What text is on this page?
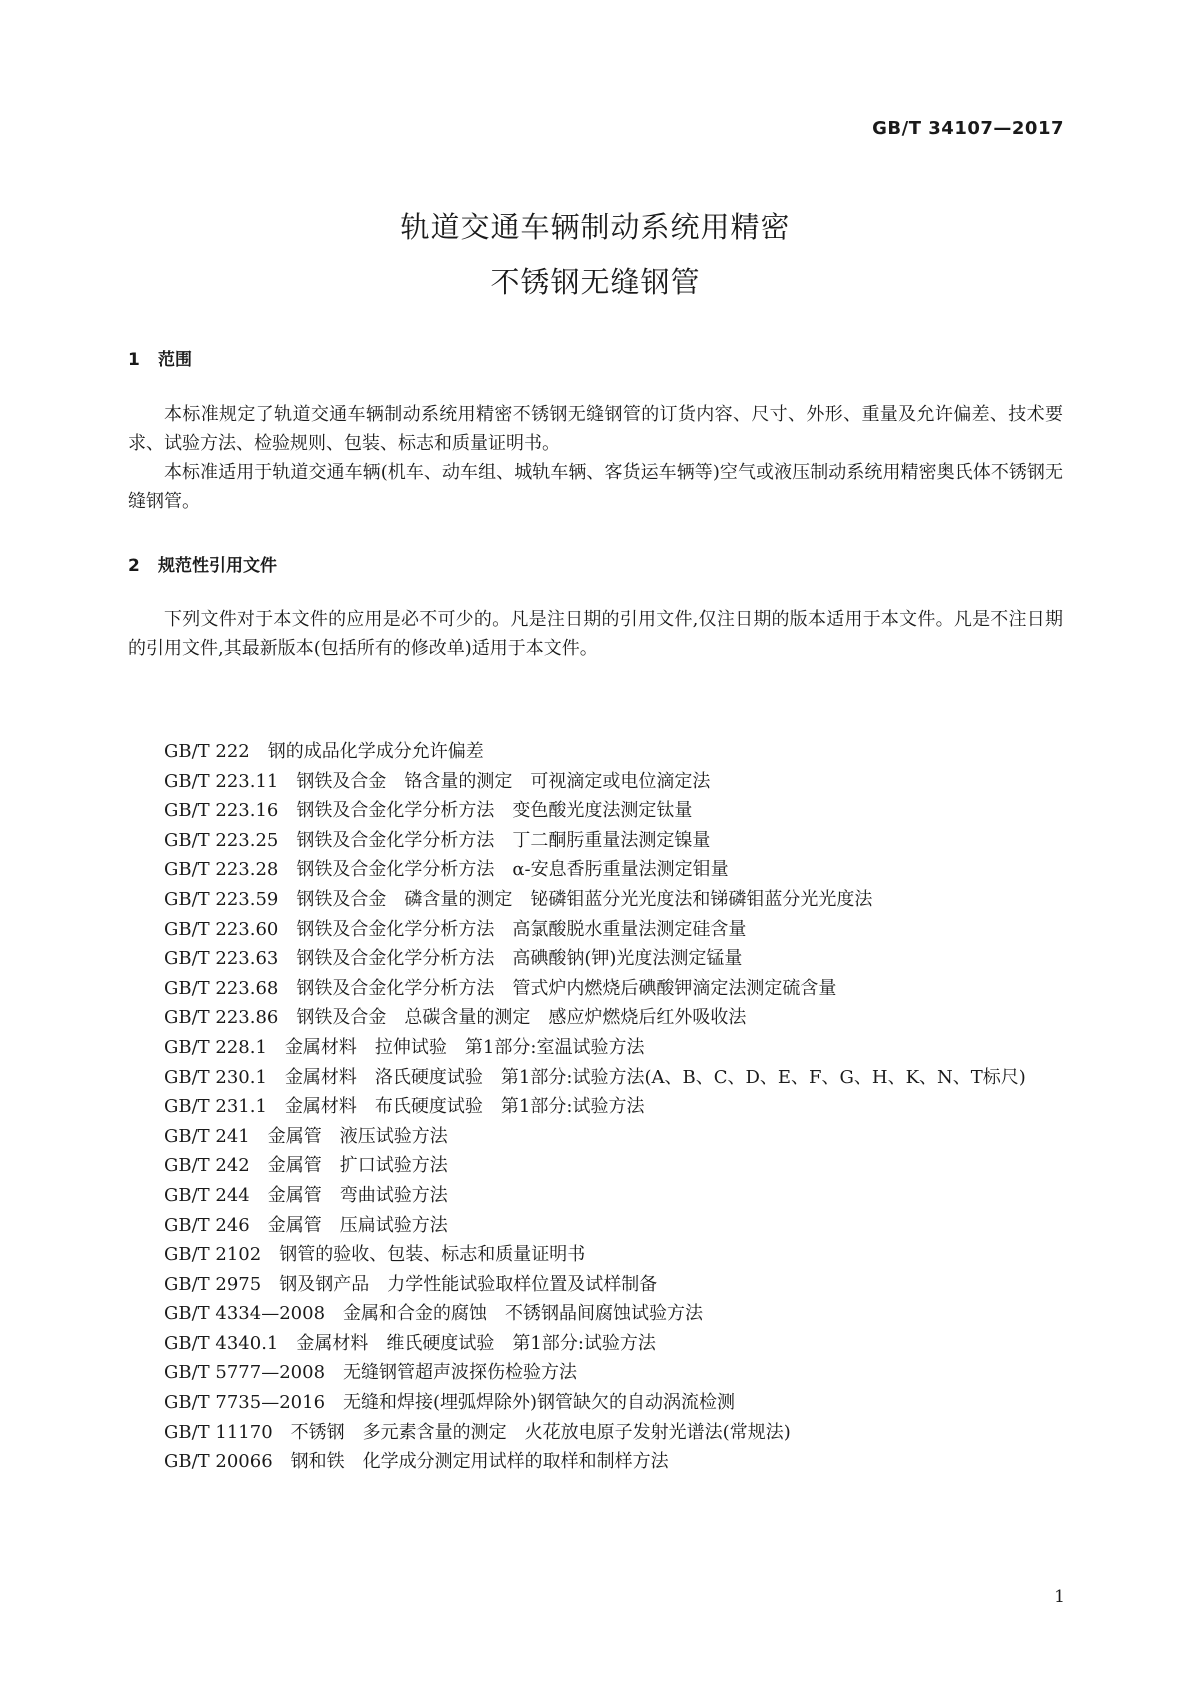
GB/T 34107—2017
轨道交通车辆制动系统用精密
不锈钢无缝钢管
1 范围

本标准规定了轨道交通车辆制动系统用精密不锈钢无缝钢管的订货内容、尺寸、外形、重量及允许偏差、技术要求、试验方法、检验规则、包装、标志和质量证明书。

本标准适用于轨道交通车辆(机车、动车组、城轨车辆、客货运车辆等)空气或液压制动系统用精密奥氏体不锈钢无缝钢管。

2 规范性引用文件

下列文件对于本文件的应用是必不可少的。凡是注日期的引用文件,仅注日期的版本适用于本文件。凡是不注日期的引用文件,其最新版本(包括所有的修改单)适用于本文件。

GB/T 222 钢的成品化学成分允许偏差
GB/T 223.11 钢铁及合金　铬含量的测定　可视滴定或电位滴定法
GB/T 223.16 钢铁及合金化学分析方法　变色酸光度法测定钛量
GB/T 223.25 钢铁及合金化学分析方法　丁二酮肟重量法测定镍量
GB/T 223.28 钢铁及合金化学分析方法　α-安息香肟重量法测定钼量
GB/T 223.59 钢铁及合金　磷含量的测定　铋磷钼蓝分光光度法和锑磷钼蓝分光光度法
GB/T 223.60 钢铁及合金化学分析方法　高氯酸脱水重量法测定硅含量
GB/T 223.63 钢铁及合金化学分析方法　高碘酸钠(钾)光度法测定锰量
GB/T 223.68 钢铁及合金化学分析方法　管式炉内燃烧后碘酸钾滴定法测定硫含量
GB/T 223.86 钢铁及合金　总碳含量的测定　感应炉燃烧后红外吸收法
GB/T 228.1 金属材料　拉伸试验　第1部分:室温试验方法
GB/T 230.1 金属材料　洛氏硬度试验　第1部分:试验方法(A、B、C、D、E、F、G、H、K、N、T标尺)
GB/T 231.1 金属材料　布氏硬度试验　第1部分:试验方法
GB/T 241 金属管　液压试验方法
GB/T 242 金属管　扩口试验方法
GB/T 244 金属管　弯曲试验方法
GB/T 246 金属管　压扁试验方法
GB/T 2102 钢管的验收、包装、标志和质量证明书
GB/T 2975 钢及钢产品　力学性能试验取样位置及试样制备
GB/T 4334—2008 金属和合金的腐蚀　不锈钢晶间腐蚀试验方法
GB/T 4340.1 金属材料　维氏硬度试验　第1部分:试验方法
GB/T 5777—2008 无缝钢管超声波探伤检验方法
GB/T 7735—2016 无缝和焊接(埋弧焊除外)钢管缺欠的自动涡流检测
GB/T 11170 不锈钢　多元素含量的测定　火花放电原子发射光谱法(常规法)
GB/T 20066 钢和铁　化学成分测定用试样的取样和制样方法
1
